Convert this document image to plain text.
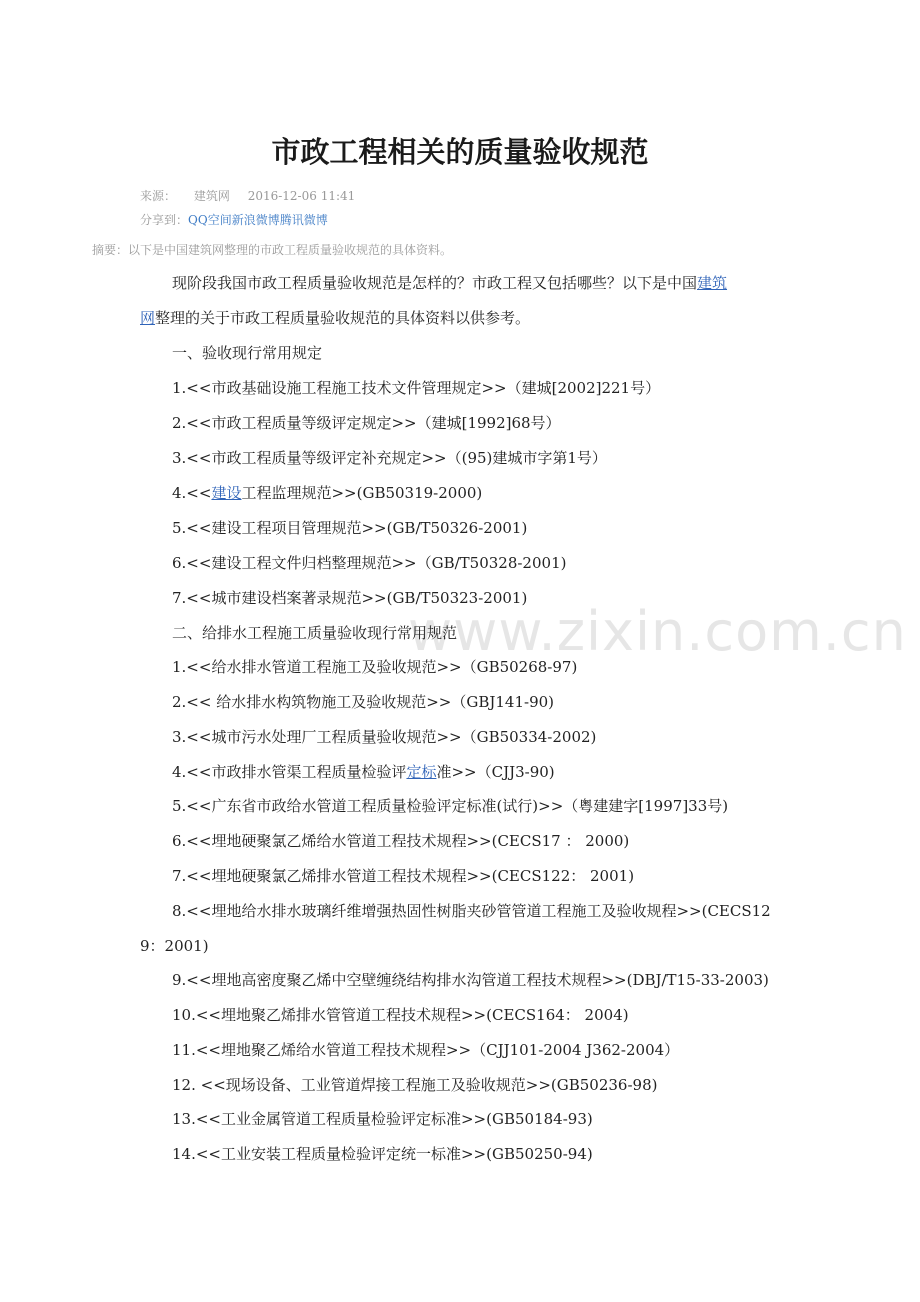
www.zixin.com.cn
市政工程相关的质量验收规范
来源： 建筑网 2016-12-06 11:41
分享到：QQ空间新浪微博腾讯微博
摘要：以下是中国建筑网整理的市政工程质量验收规范的具体资料。
现阶段我国市政工程质量验收规范是怎样的？市政工程又包括哪些？以下是中国建筑
网整理的关于市政工程质量验收规范的具体资料以供参考。
一、验收现行常用规定
1.<<市政基础设施工程施工技术文件管理规定>>（建城[2002]221号）
2.<<市政工程质量等级评定规定>>（建城[1992]68号）
3.<<市政工程质量等级评定补充规定>>（(95)建城市字第1号）
4.<<建设工程监理规范>>(GB50319-2000)
5.<<建设工程项目管理规范>>(GB/T50326-2001)
6.<<建设工程文件归档整理规范>>（GB/T50328-2001)
7.<<城市建设档案著录规范>>(GB/T50323-2001)
二、给排水工程施工质量验收现行常用规范
1.<<给水排水管道工程施工及验收规范>>（GB50268-97)
2.<< 给水排水构筑物施工及验收规范>>（GBJ141-90)
3.<<城市污水处理厂工程质量验收规范>>（GB50334-2002)
4.<<市政排水管渠工程质量检验评定标准>>（CJJ3-90)
5.<<广东省市政给水管道工程质量检验评定标准(试行)>>（粤建建字[1997]33号)
6.<<埋地硬聚氯乙烯给水管道工程技术规程>>(CECS17 ： 2000)
7.<<埋地硬聚氯乙烯排水管道工程技术规程>>(CECS122： 2001)
8.<<埋地给水排水玻璃纤维增强热固性树脂夹砂管管道工程施工及验收规程>>(CECS12
9：2001)
9.<<埋地高密度聚乙烯中空壁缠绕结构排水沟管道工程技术规程>>(DBJ/T15-33-2003)
10.<<埋地聚乙烯排水管管道工程技术规程>>(CECS164： 2004)
11.<<埋地聚乙烯给水管道工程技术规程>>（CJJ101-2004 J362-2004）
12. <<现场设备、工业管道焊接工程施工及验收规范>>(GB50236-98)
13.<<工业金属管道工程质量检验评定标准>>(GB50184-93)
14.<<工业安装工程质量检验评定统一标准>>(GB50250-94)
